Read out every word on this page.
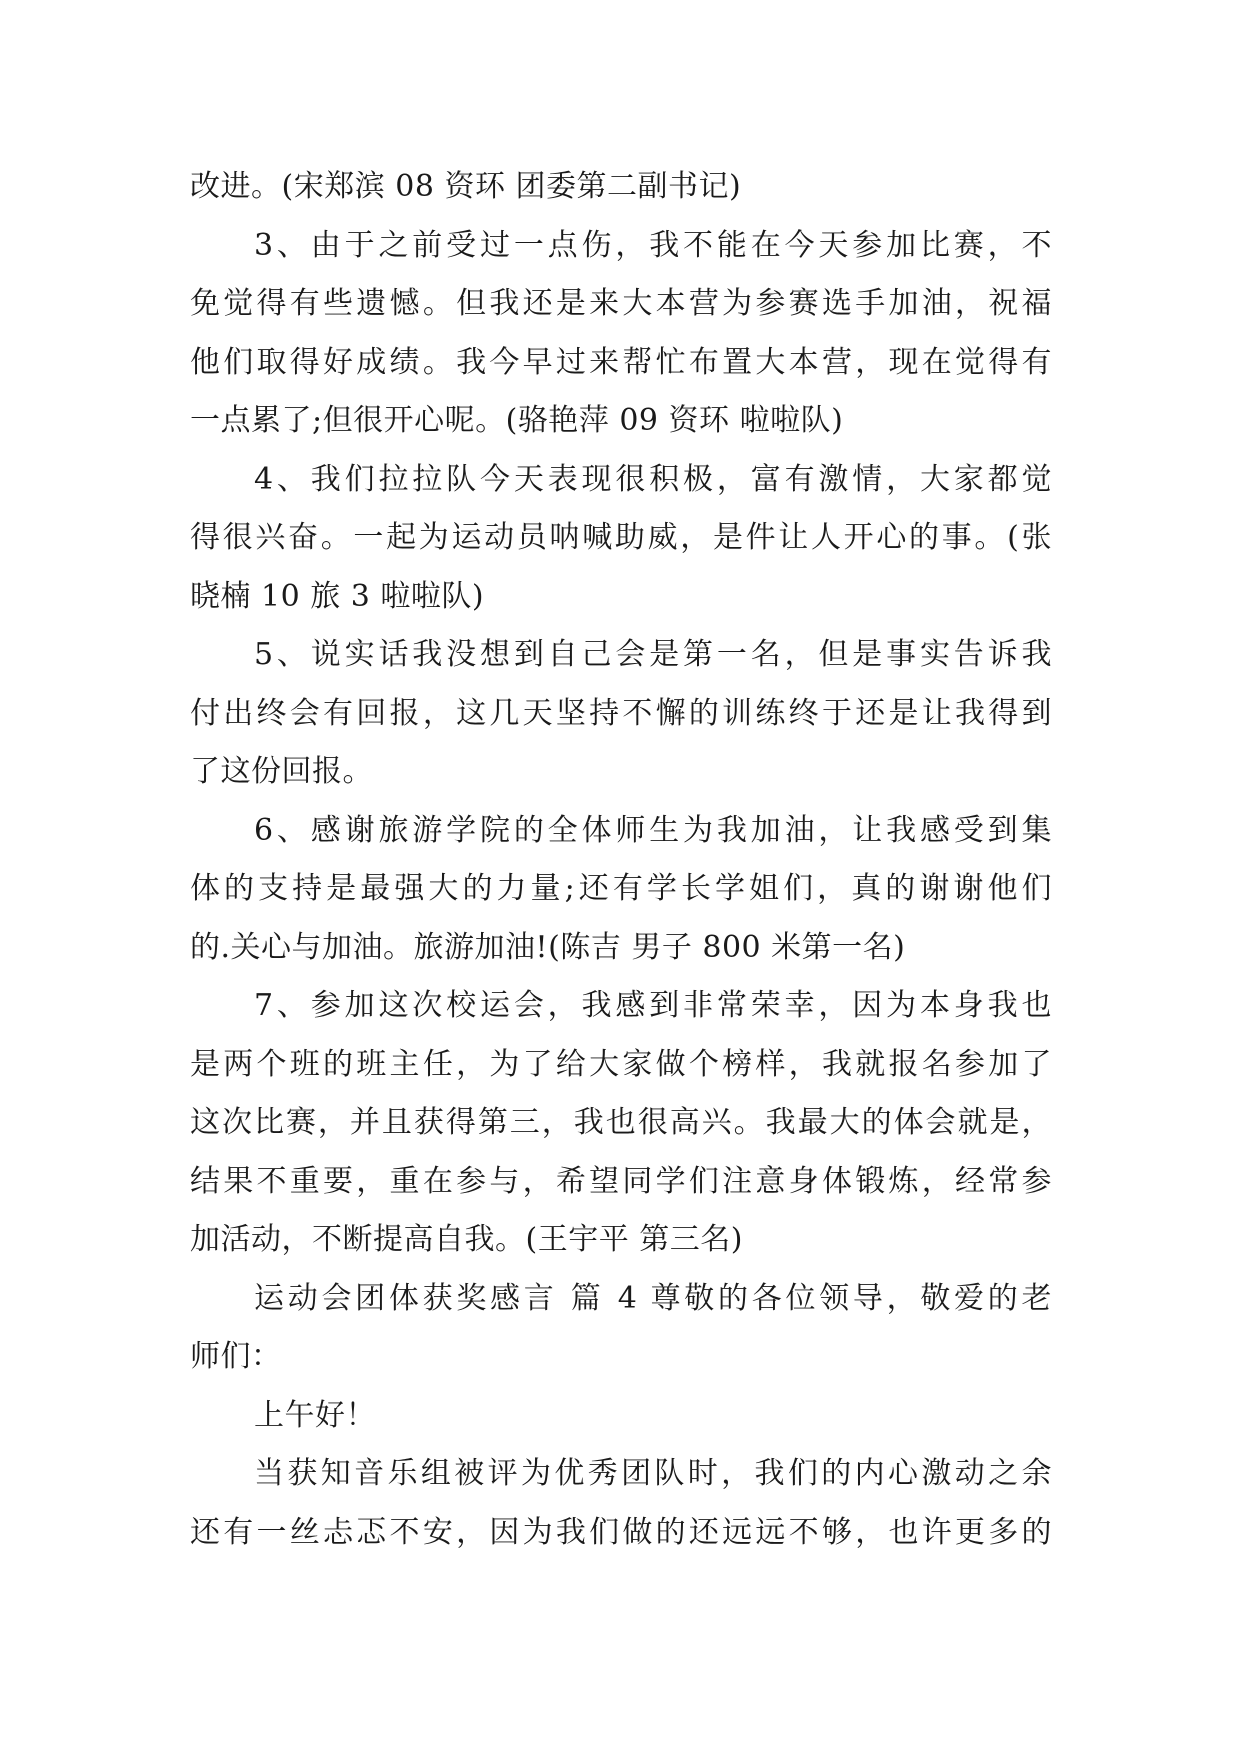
改进。(宋郑滨 08 资环 团委第二副书记)
3、由于之前受过一点伤，我不能在今天参加比赛，不
免觉得有些遗憾。但我还是来大本营为参赛选手加油，祝福
他们取得好成绩。我今早过来帮忙布置大本营，现在觉得有
一点累了;但很开心呢。(骆艳萍 09 资环 啦啦队)
4、我们拉拉队今天表现很积极，富有激情，大家都觉
得很兴奋。一起为运动员呐喊助威，是件让人开心的事。(张
晓楠 10 旅 3 啦啦队)
5、说实话我没想到自己会是第一名，但是事实告诉我
付出终会有回报，这几天坚持不懈的训练终于还是让我得到
了这份回报。
6、感谢旅游学院的全体师生为我加油，让我感受到集
体的支持是最强大的力量;还有学长学姐们，真的谢谢他们
的.关心与加油。旅游加油!(陈吉 男子 800 米第一名)
7、参加这次校运会，我感到非常荣幸，因为本身我也
是两个班的班主任，为了给大家做个榜样，我就报名参加了
这次比赛，并且获得第三，我也很高兴。我最大的体会就是，
结果不重要，重在参与，希望同学们注意身体锻炼，经常参
加活动，不断提高自我。(王宇平 第三名)
运动会团体获奖感言 篇 4 尊敬的各位领导，敬爱的老
师们：
上午好！
当获知音乐组被评为优秀团队时，我们的内心激动之余
还有一丝忐忑不安，因为我们做的还远远不够，也许更多的
